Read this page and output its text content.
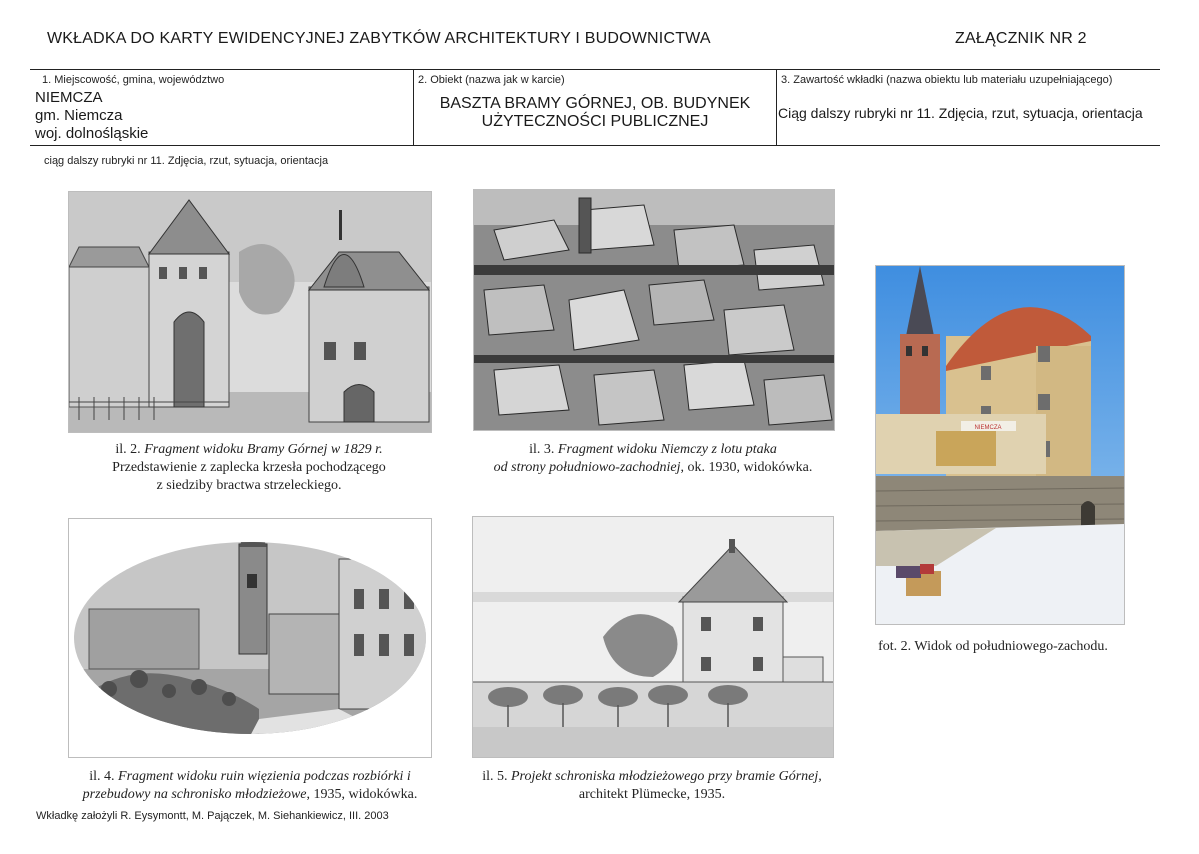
WKŁADKA DO KARTY EWIDENCYJNEJ ZABYTKÓW ARCHITEKTURY I BUDOWNICTWA	ZAŁĄCZNIK NR 2
1. Miejscowość, gmina, województwo
NIEMCZA
gm. Niemcza
woj. dolnośląskie
2. Obiekt (nazwa jak w karcie)
BASZTA BRAMY GÓRNEJ, OB. BUDYNEK
UŻYTECZNOŚCI PUBLICZNEJ
3. Zawartość wkładki (nazwa obiektu lub materiału uzupełniającego)
Ciąg dalszy rubryki nr 11. Zdjęcia, rzut, sytuacja, orientacja
ciąg dalszy rubryki nr 11. Zdjęcia, rzut, sytuacja, orientacja
NIEMCZA
il. 2. Fragment widoku Bramy Górnej w 1829 r.
Przedstawienie z zaplecka krzesła pochodzącego
z siedziby bractwa strzeleckiego.
il. 3. Fragment widoku Niemczy z lotu ptaka
od strony południowo-zachodniej, ok. 1930, widokówka.
fot. 2. Widok od południowego-zachodu.
il. 4. Fragment widoku ruin więzienia podczas rozbiórki i
przebudowy na schronisko młodzieżowe, 1935, widokówka.
il. 5. Projekt schroniska młodzieżowego przy bramie Górnej,
architekt Plümecke, 1935.
Wkładkę założyli R. Eysymontt, M. Pajączek, M. Siehankiewicz, III. 2003
